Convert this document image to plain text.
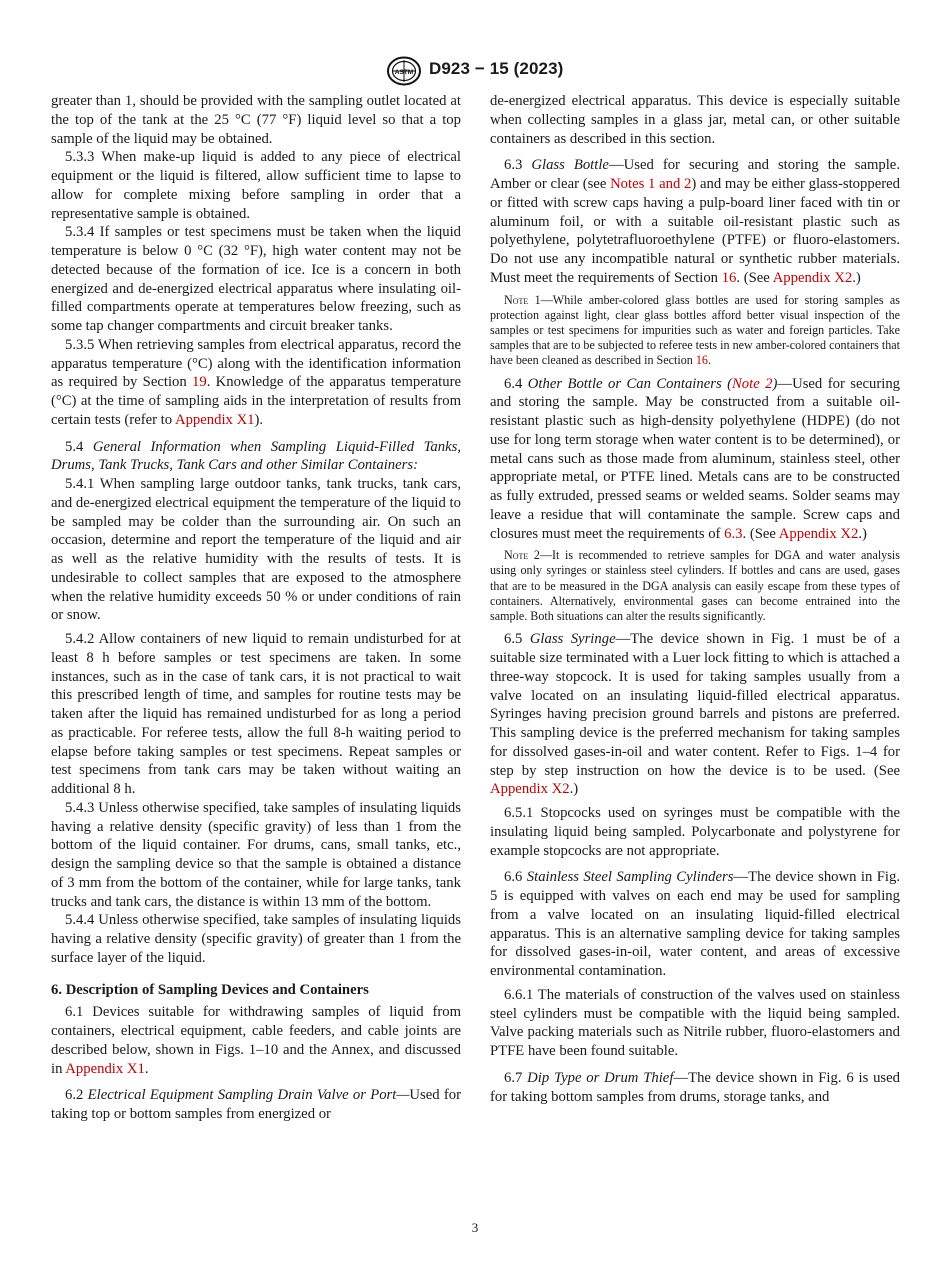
ASTM D923 − 15 (2023)

greater than 1, should be provided with the sampling outlet located at the top of the tank at the 25 °C (77 °F) liquid level so that a top sample of the liquid may be obtained.

5.3.3 When make-up liquid is added to any piece of electrical equipment or the liquid is filtered, allow sufficient time to lapse to allow for complete mixing before sampling in order that a representative sample is obtained.

5.3.4 If samples or test specimens must be taken when the liquid temperature is below 0 °C (32 °F), high water content may not be detected because of the formation of ice. Ice is a concern in both energized and de-energized electrical apparatus where insulating oil-filled compartments operate at temperatures below freezing, such as some tap changer compartments and circuit breaker tanks.

5.3.5 When retrieving samples from electrical apparatus, record the apparatus temperature (°C) along with the identification information as required by Section 19. Knowledge of the apparatus temperature (°C) at the time of sampling aids in the interpretation of results from certain tests (refer to Appendix X1).

5.4 General Information when Sampling Liquid-Filled Tanks, Drums, Tank Trucks, Tank Cars and other Similar Containers:

5.4.1 When sampling large outdoor tanks, tank trucks, tank cars, and de-energized electrical equipment the temperature of the liquid to be sampled may be colder than the surrounding air. On such an occasion, determine and report the temperature of the liquid and air as well as the relative humidity with the results of tests. It is undesirable to collect samples that are exposed to the atmosphere when the relative humidity exceeds 50 % or under conditions of rain or snow.

5.4.2 Allow containers of new liquid to remain undisturbed for at least 8 h before samples or test specimens are taken. In some instances, such as in the case of tank cars, it is not practical to wait this prescribed length of time, and samples for routine tests may be taken after the liquid has remained undisturbed for as long a period as practicable. For referee tests, allow the full 8-h waiting period to elapse before taking samples or test specimens. Repeat samples or test specimens from tank cars may be taken without waiting an additional 8 h.

5.4.3 Unless otherwise specified, take samples of insulating liquids having a relative density (specific gravity) of less than 1 from the bottom of the liquid container. For drums, cans, small tanks, etc., design the sampling device so that the sample is obtained a distance of 3 mm from the bottom of the container, while for large tanks, tank trucks and tank cars, the distance is within 13 mm of the bottom.

5.4.4 Unless otherwise specified, take samples of insulating liquids having a relative density (specific gravity) of greater than 1 from the surface layer of the liquid.

6. Description of Sampling Devices and Containers

6.1 Devices suitable for withdrawing samples of liquid from containers, electrical equipment, cable feeders, and cable joints are described below, shown in Figs. 1–10 and the Annex, and discussed in Appendix X1.

6.2 Electrical Equipment Sampling Drain Valve or Port—Used for taking top or bottom samples from energized or

de-energized electrical apparatus. This device is especially suitable when collecting samples in a glass jar, metal can, or other suitable containers as described in this section.

6.3 Glass Bottle—Used for securing and storing the sample. Amber or clear (see Notes 1 and 2) and may be either glass-stoppered or fitted with screw caps having a pulp-board liner faced with tin or aluminum foil, or with a suitable oil-resistant plastic such as polyethylene, polytetrafluoroethylene (PTFE) or fluoro-elastomers. Do not use any incompatible natural or synthetic rubber materials. Must meet the requirements of Section 16. (See Appendix X2.)

Note 1—While amber-colored glass bottles are used for storing samples as protection against light, clear glass bottles afford better visual inspection of the samples or test specimens for impurities such as water and foreign particles. Take samples that are to be subjected to referee tests in new amber-colored containers that have been cleaned as described in Section 16.

6.4 Other Bottle or Can Containers (Note 2)—Used for securing and storing the sample. May be constructed from a suitable oil-resistant plastic such as high-density polyethylene (HDPE) (do not use for long term storage when water content is to be determined), or metal cans such as those made from aluminum, stainless steel, other appropriate metal, or PTFE lined. Metals cans are to be constructed as fully extruded, pressed seams or welded seams. Solder seams may leave a residue that will contaminate the sample. Screw caps and closures must meet the requirements of 6.3. (See Appendix X2.)

Note 2—It is recommended to retrieve samples for DGA and water analysis using only syringes or stainless steel cylinders. If bottles and cans are used, gases that are to be measured in the DGA analysis can easily escape from these types of containers. Alternatively, environmental gases can become entrained into the sample. Both situations can alter the results significantly.

6.5 Glass Syringe—The device shown in Fig. 1 must be of a suitable size terminated with a Luer lock fitting to which is attached a three-way stopcock. It is used for taking samples usually from a valve located on an insulating liquid-filled electrical apparatus. Syringes having precision ground barrels and pistons are preferred. This sampling device is the preferred mechanism for taking samples for dissolved gases-in-oil and water content. Refer to Figs. 1–4 for step by step instruction on how the device is to be used. (See Appendix X2.)

6.5.1 Stopcocks used on syringes must be compatible with the insulating liquid being sampled. Polycarbonate and polystyrene for example stopcocks are not appropriate.

6.6 Stainless Steel Sampling Cylinders—The device shown in Fig. 5 is equipped with valves on each end may be used for sampling from a valve located on an insulating liquid-filled electrical apparatus. This is an alternative sampling device for taking samples for dissolved gases-in-oil, water content, and areas of excessive environmental contamination.

6.6.1 The materials of construction of the valves used on stainless steel cylinders must be compatible with the liquid being sampled. Valve packing materials such as Nitrile rubber, fluoro-elastomers and PTFE have been found suitable.

6.7 Dip Type or Drum Thief—The device shown in Fig. 6 is used for taking bottom samples from drums, storage tanks, and

3
